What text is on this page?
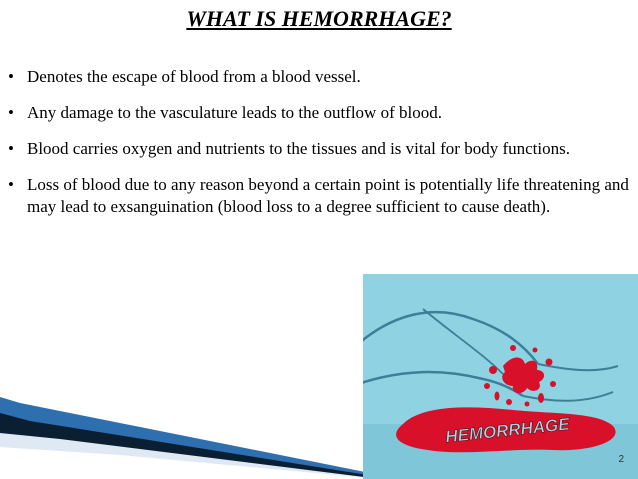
WHAT IS HEMORRHAGE?
• Denotes the escape of blood from a blood vessel.
• Any damage to the vasculature leads to the outflow of blood.
• Blood carries oxygen and nutrients to the tissues and is vital for body functions.
• Loss of blood due to any reason beyond a certain point is potentially life threatening and may lead to exsanguination (blood loss to a degree sufficient to cause death).
HEMORRHAGE
2
